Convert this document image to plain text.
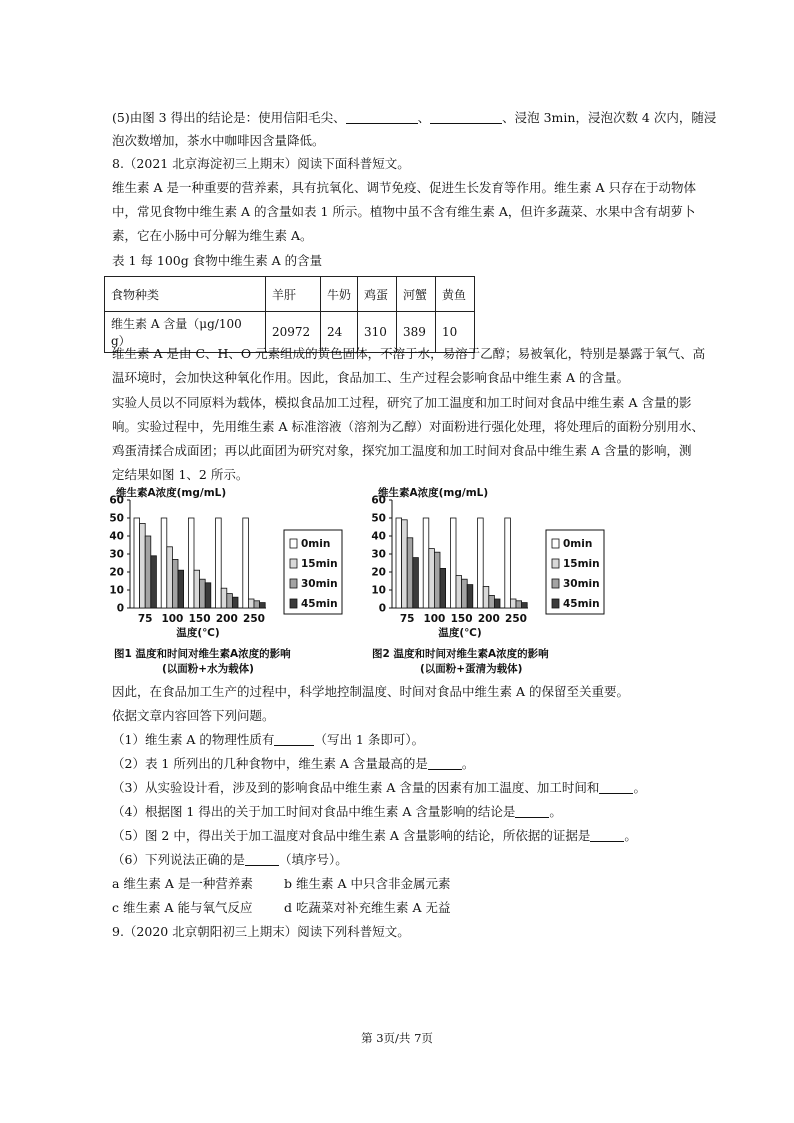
(5)由图 3 得出的结论是：使用信阳毛尖、	、	、浸泡 3min，浸泡次数 4 次内，随浸

泡次数增加，茶水中咖啡因含量降低。

8.（2021 北京海淀初三上期末）阅读下面科普短文。

维生素 A 是一种重要的营养素，具有抗氧化、调节免疫、促进生长发育等作用。维生素 A 只存在于动物体

中，常见食物中维生素 A 的含量如表 1 所示。植物中虽不含有维生素 A，但许多蔬菜、水果中含有胡萝卜

素，它在小肠中可分解为维生素 A。

表 1 每 100g 食物中维生素 A 的含量

食物种类	羊肝	牛奶	鸡蛋	河蟹	黄鱼
维生素 A 含量（μg/100 g）	20972	24	310	389	10

维生素 A 是由 C、H、O 元素组成的黄色固体，不溶于水，易溶于乙醇；易被氧化，特别是暴露于氧气、高

温环境时，会加快这种氧化作用。因此，食品加工、生产过程会影响食品中维生素 A 的含量。

实验人员以不同原料为载体，模拟食品加工过程，研究了加工温度和加工时间对食品中维生素 A 含量的影

响。实验过程中，先用维生素 A 标准溶液（溶剂为乙醇）对面粉进行强化处理，将处理后的面粉分别用水、

鸡蛋清揉合成面团；再以此面团为研究对象，探究加工温度和加工时间对食品中维生素 A 含量的影响，测

定结果如图 1、2 所示。

维生素A浓度(mg/mL)
0
10
20
30
40
50
60
75 100 150 200 250
温度(℃)
0min
15min
30min
45min
维生素A浓度(mg/mL)
0
10
20
30
40
50
60
75 100 150 200 250
温度(℃)
0min
15min
30min
45min
图1 温度和时间对维生素A浓度的影响
(以面粉+水为载体)
图2 温度和时间对维生素A浓度的影响
(以面粉+蛋清为载体)

因此，在食品加工生产的过程中，科学地控制温度、时间对食品中维生素 A 的保留至关重要。

依据文章内容回答下列问题。

（1）维生素 A 的物理性质有	（写出 1 条即可）。

（2）表 1 所列出的几种食物中，维生素 A 含量最高的是	。

（3）从实验设计看，涉及到的影响食品中维生素 A 含量的因素有加工温度、加工时间和	。

（4）根据图 1 得出的关于加工时间对食品中维生素 A 含量影响的结论是	。

（5）图 2 中，得出关于加工温度对食品中维生素 A 含量影响的结论，所依据的证据是	。

（6）下列说法正确的是	（填序号）。

a 维生素 A 是一种营养素 b 维生素 A 中只含非金属元素
c 维生素 A 能与氧气反应	d 吃蔬菜对补充维生素 A 无益

9.（2020 北京朝阳初三上期末）阅读下列科普短文。

第 3页/共 7页
